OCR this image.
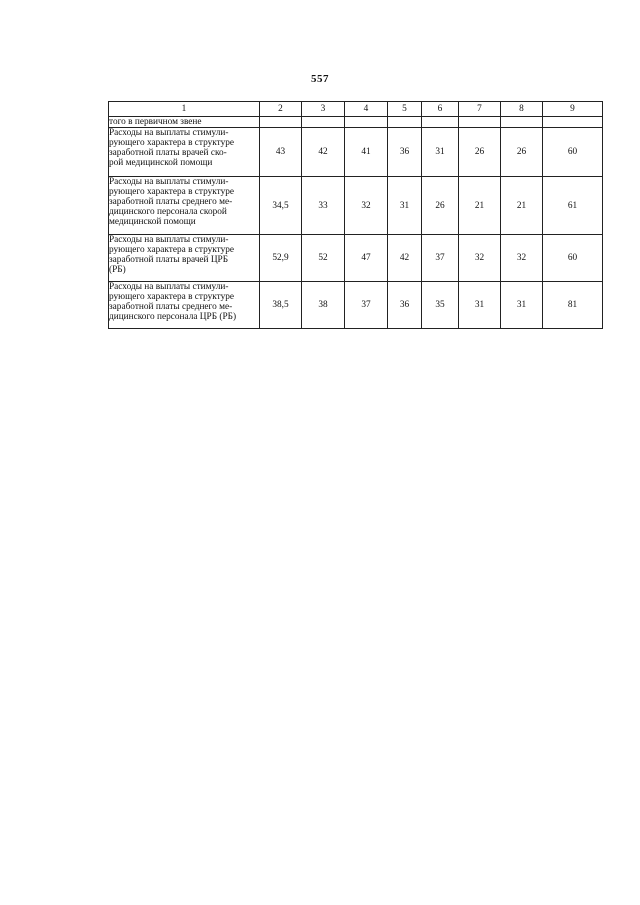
557
1	2	3	4	5	6	7	8	9
того в первичном звене								

Расходы на выплаты стимули-
рующего характера в структуре
заработной платы врачей ско-
рой медицинской помощи	43	42	41	36	31	26	26	60

Расходы на выплаты стимули-
рующего характера в структуре
заработной платы среднего ме-
дицинского персонала скорой
медицинской помощи	34,5	33	32	31	26	21	21	61

Расходы на выплаты стимули-
рующего характера в структуре
заработной платы врачей ЦРБ
(РБ)	52,9	52	47	42	37	32	32	60

Расходы на выплаты стимули-
рующего характера в структуре
заработной платы среднего ме-
дицинского персонала ЦРБ (РБ)	38,5	38	37	36	35	31	31	81
